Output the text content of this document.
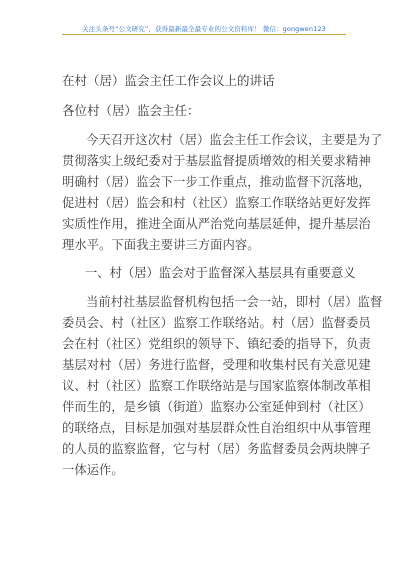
关注头条号“公文研究”，获得最新最全最专业的公文资料库！ 微信：gongwen123
在村（居）监会主任工作会议上的讲话
各位村（居）监会主任：
今天召开这次村（居）监会主任工作会议，主要是为了
贯彻落实上级纪委对于基层监督提质增效的相关要求精神
明确村（居）监会下一步工作重点，推动监督下沉落地，
促进村（居）监会和村（社区）监察工作联络站更好发挥
实质性作用，推进全面从严治党向基层延伸，提升基层治
理水平。下面我主要讲三方面内容。
一、村（居）监会对于监督深入基层具有重要意义
当前村社基层监督机构包括一会一站，即村（居）监督
委员会、村（社区）监察工作联络站。村（居）监督委员
会在村（社区）党组织的领导下、镇纪委的指导下，负责
基层对村（居）务进行监督，受理和收集村民有关意见建
议、村（社区）监察工作联络站是与国家监察体制改革相
伴而生的，是乡镇（街道）监察办公室延伸到村（社区）
的联络点，目标是加强对基层群众性自治组织中从事管理
的人员的监察监督，它与村（居）务监督委员会两块牌子
一体运作。
